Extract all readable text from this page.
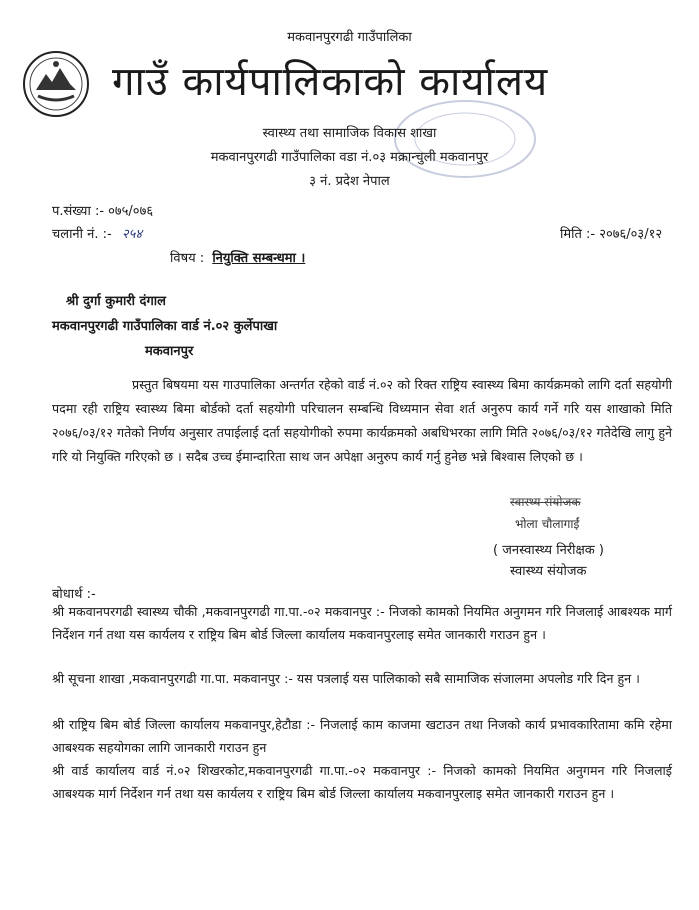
मकवानपुरगढी गाउँपालिका
गाउँ कार्यपालिकाको कार्यालय
स्वास्थ्य तथा सामाजिक विकास शाखा
मकवानपुरगढी गाउँपालिका वडा नं.०३ मक्रान्चुली मकवानपुर
३ नं. प्रदेश नेपाल
प.संख्या :- ०७५/०७६
चलानी नं. :- २५४	मिति :- २०७६/०३/१२
विषय : नियुक्ति सम्बन्धमा ।
श्री दुर्गा कुमारी दंगाल
मकवानपुरगढी गाउँपालिका वार्ड नं.०२ कुर्लेपाखा
मकवानपुर
प्रस्तुत बिषयमा यस गाउपालिका अन्तर्गत रहेको वार्ड नं.०२ को रिक्त राष्ट्रिय स्वास्थ्य बिमा कार्यक्रमको लागि दर्ता सहयोगी पदमा रही राष्ट्रिय स्वास्थ्य बिमा बोर्डको दर्ता सहयोगी परिचालन सम्बन्धि विध्यमान सेवा शर्त अनुरुप कार्य गर्ने गरि यस शाखाको मिति २०७६/०३/१२ गतेको निर्णय अनुसार तपाईलाई दर्ता सहयोगीको रुपमा कार्यक्रमको अबधिभरका लागि मिति २०७६/०३/१२ गतेदेखि लागु हुने गरि यो नियुक्ति गरिएको छ । सदैब उच्च ईमान्दारिता साथ जन अपेक्षा अनुरुप कार्य गर्नु हुनेछ भन्ने बिश्वास लिएको छ ।
स्वास्थ्य संयोजक
भोला चौलागाईं
( जनस्वास्थ्य निरीक्षक )
स्वास्थ्य संयोजक
बोधार्थ :-
श्री मकवानपरगढी स्वास्थ्य चौकी ,मकवानपुरगढी गा.पा.-०२ मकवानपुर :- निजको कामको नियमित अनुगमन गरि निजलाई आबश्यक मार्ग निर्देशन गर्न तथा यस कार्यलय र राष्ट्रिय बिम बोर्ड जिल्ला कार्यालय मकवानपुरलाइ समेत जानकारी गराउन हुन ।
श्री सूचना शाखा ,मकवानपुरगढी गा.पा. मकवानपुर :- यस पत्रलाई यस पालिकाको सबै सामाजिक संजालमा अपलोड गरि दिन हुन ।
श्री राष्ट्रिय बिम बोर्ड जिल्ला कार्यालय मकवानपुर,हेटौडा :- निजलाई काम काजमा खटाउन तथा निजको कार्य प्रभावकारितामा कमि रहेमा आबश्यक सहयोगका लागि जानकारी गराउन हुन
श्री वार्ड कार्यालय वार्ड नं.०२ शिखरकोट,मकवानपुरगढी गा.पा.-०२ मकवानपुर :- निजको कामको नियमित अनुगमन गरि निजलाई आबश्यक मार्ग निर्देशन गर्न तथा यस कार्यलय र राष्ट्रिय बिम बोर्ड जिल्ला कार्यालय मकवानपुरलाइ समेत जानकारी गराउन हुन ।
